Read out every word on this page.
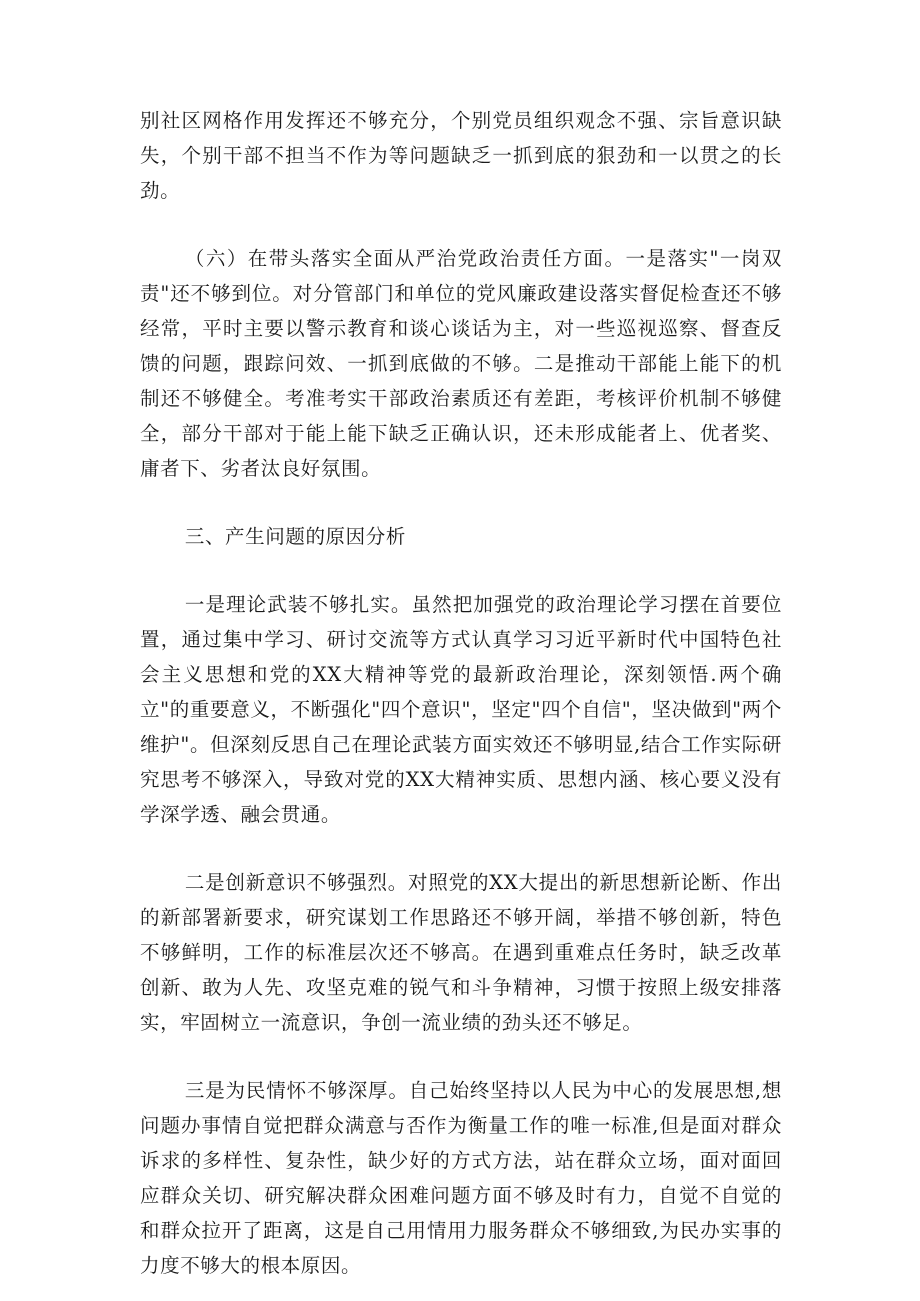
别社区网格作用发挥还不够充分，个别党员组织观念不强、宗旨意识缺失，个别干部不担当不作为等问题缺乏一抓到底的狠劲和一以贯之的长劲。

（六）在带头落实全面从严治党政治责任方面。一是落实"一岗双责"还不够到位。对分管部门和单位的党风廉政建设落实督促检查还不够经常，平时主要以警示教育和谈心谈话为主，对一些巡视巡察、督查反馈的问题，跟踪问效、一抓到底做的不够。二是推动干部能上能下的机制还不够健全。考准考实干部政治素质还有差距，考核评价机制不够健全，部分干部对于能上能下缺乏正确认识，还未形成能者上、优者奖、庸者下、劣者汰良好氛围。

三、产生问题的原因分析

一是理论武装不够扎实。虽然把加强党的政治理论学习摆在首要位置，通过集中学习、研讨交流等方式认真学习习近平新时代中国特色社会主义思想和党的XX大精神等党的最新政治理论，深刻领悟.两个确立"的重要意义，不断强化"四个意识"，坚定"四个自信"，坚决做到"两个维护"。但深刻反思自己在理论武装方面实效还不够明显,结合工作实际研究思考不够深入，导致对党的XX大精神实质、思想内涵、核心要义没有学深学透、融会贯通。

二是创新意识不够强烈。对照党的XX大提出的新思想新论断、作出的新部署新要求，研究谋划工作思路还不够开阔，举措不够创新，特色不够鲜明，工作的标准层次还不够高。在遇到重难点任务时，缺乏改革创新、敢为人先、攻坚克难的锐气和斗争精神，习惯于按照上级安排落实，牢固树立一流意识，争创一流业绩的劲头还不够足。

三是为民情怀不够深厚。自己始终坚持以人民为中心的发展思想,想问题办事情自觉把群众满意与否作为衡量工作的唯一标准,但是面对群众诉求的多样性、复杂性，缺少好的方式方法，站在群众立场，面对面回应群众关切、研究解决群众困难问题方面不够及时有力，自觉不自觉的和群众拉开了距离，这是自己用情用力服务群众不够细致,为民办实事的力度不够大的根本原因。
